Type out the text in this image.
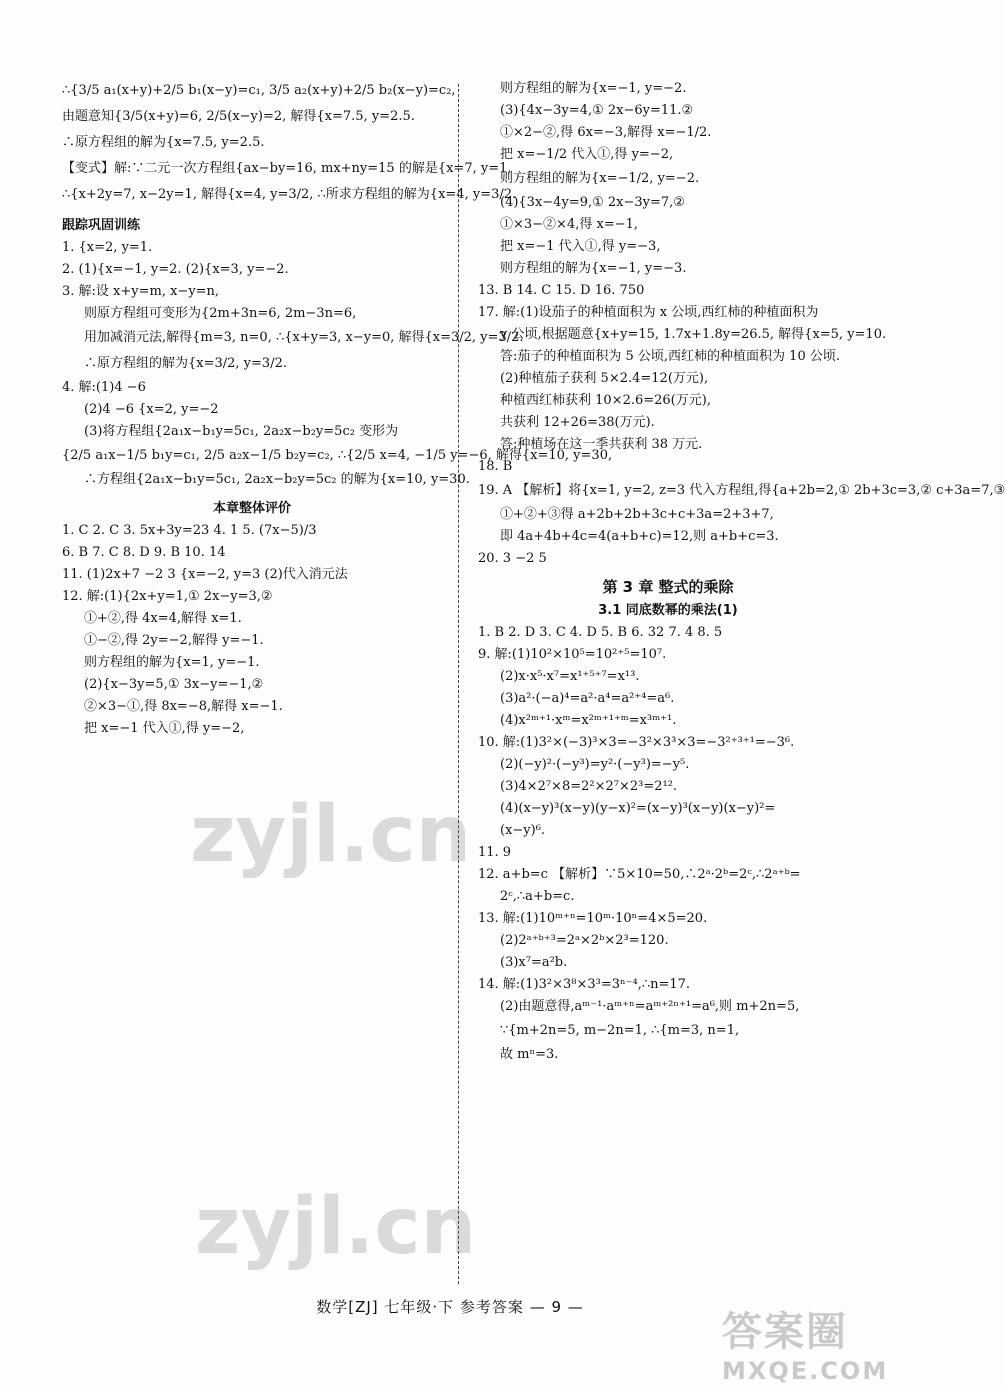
∴{3/5 a₁(x+y)+2/5 b₁(x−y)=c₁, 3/5 a₂(x+y)+2/5 b₂(x−y)=c₂,

由题意知{3/5(x+y)=6, 2/5(x−y)=2, 解得{x=7.5, y=2.5.

∴原方程组的解为{x=7.5, y=2.5.

【变式】解:∵二元一次方程组{ax−by=16, mx+ny=15 的解是{x=7, y=1,

∴{x+2y=7, x−2y=1, 解得{x=4, y=3/2, ∴所求方程组的解为{x=4, y=3/2.

跟踪巩固训练

1. {x=2, y=1.

2. (1){x=−1, y=2. (2){x=3, y=−2.

3. 解:设 x+y=m, x−y=n,

则原方程组可变形为{2m+3n=6, 2m−3n=6,

用加减消元法,解得{m=3, n=0, ∴{x+y=3, x−y=0, 解得{x=3/2, y=3/2.

∴原方程组的解为{x=3/2, y=3/2.

4. 解:(1)4 −6

(2)4 −6 {x=2, y=−2

(3)将方程组{2a₁x−b₁y=5c₁, 2a₂x−b₂y=5c₂ 变形为

{2/5 a₁x−1/5 b₁y=c₁, 2/5 a₂x−1/5 b₂y=c₂, ∴{2/5 x=4, −1/5 y=−6, 解得{x=10, y=30,

∴方程组{2a₁x−b₁y=5c₁, 2a₂x−b₂y=5c₂ 的解为{x=10, y=30.

本章整体评价

1. C 2. C 3. 5x+3y=23 4. 1 5. (7x−5)/3

6. B 7. C 8. D 9. B 10. 14

11. (1)2x+7 −2 3 {x=−2, y=3 (2)代入消元法

12. 解:(1){2x+y=1,① 2x−y=3,②

①+②,得 4x=4,解得 x=1.

①−②,得 2y=−2,解得 y=−1.

则方程组的解为{x=1, y=−1.

(2){x−3y=5,① 3x−y=−1,②

②×3−①,得 8x=−8,解得 x=−1.

把 x=−1 代入①,得 y=−2,

则方程组的解为{x=−1, y=−2.

(3){4x−3y=4,① 2x−6y=11.②

①×2−②,得 6x=−3,解得 x=−1/2.

把 x=−1/2 代入①,得 y=−2,

则方程组的解为{x=−1/2, y=−2.

(4){3x−4y=9,① 2x−3y=7,②

①×3−②×4,得 x=−1,

把 x=−1 代入①,得 y=−3,

则方程组的解为{x=−1, y=−3.

13. B 14. C 15. D 16. 750

17. 解:(1)设茄子的种植面积为 x 公顷,西红柿的种植面积为

y 公顷,根据题意{x+y=15, 1.7x+1.8y=26.5, 解得{x=5, y=10.

答:茄子的种植面积为 5 公顷,西红柿的种植面积为 10 公顷.

(2)种植茄子获利 5×2.4=12(万元),

种植西红柿获利 10×2.6=26(万元),

共获利 12+26=38(万元).

答:种植场在这一季共获利 38 万元.

18. B

19. A 【解析】将{x=1, y=2, z=3 代入方程组,得{a+2b=2,① 2b+3c=3,② c+3a=7,③

①+②+③得 a+2b+2b+3c+c+3a=2+3+7,

即 4a+4b+4c=4(a+b+c)=12,则 a+b+c=3.

20. 3 −2 5

第 3 章 整式的乘除

3.1 同底数幂的乘法(1)

1. B 2. D 3. C 4. D 5. B 6. 32 7. 4 8. 5

9. 解:(1)10²×10⁵=10²⁺⁵=10⁷.

(2)x·x⁵·x⁷=x¹⁺⁵⁺⁷=x¹³.

(3)a²·(−a)⁴=a²·a⁴=a²⁺⁴=a⁶.

(4)x²ᵐ⁺¹·xᵐ=x²ᵐ⁺¹⁺ᵐ=x³ᵐ⁺¹.

10. 解:(1)3²×(−3)³×3=−3²×3³×3=−3²⁺³⁺¹=−3⁶.

(2)(−y)²·(−y³)=y²·(−y³)=−y⁵.

(3)4×2⁷×8=2²×2⁷×2³=2¹².

(4)(x−y)³(x−y)(y−x)²=(x−y)³(x−y)(x−y)²=

(x−y)⁶.

11. 9

12. a+b=c 【解析】∵5×10=50,∴2ᵃ·2ᵇ=2ᶜ,∴2ᵃ⁺ᵇ=

2ᶜ,∴a+b=c.

13. 解:(1)10ᵐ⁺ⁿ=10ᵐ·10ⁿ=4×5=20.

(2)2ᵃ⁺ᵇ⁺³=2ᵃ×2ᵇ×2³=120.

(3)x⁷=a²b.

14. 解:(1)3²×3⁸×3³=3ⁿ⁻⁴,∴n=17.

(2)由题意得,aᵐ⁻¹·aᵐ⁺ⁿ=aᵐ⁺²ⁿ⁺¹=a⁶,则 m+2n=5,

∵{m+2n=5, m−2n=1, ∴{m=3, n=1,

故 mⁿ=3.

zyjl.cn
zyjl.cn
数学[ZJ] 七年级·下 参考答案 — 9 —
答案圈
MXQE.COM
